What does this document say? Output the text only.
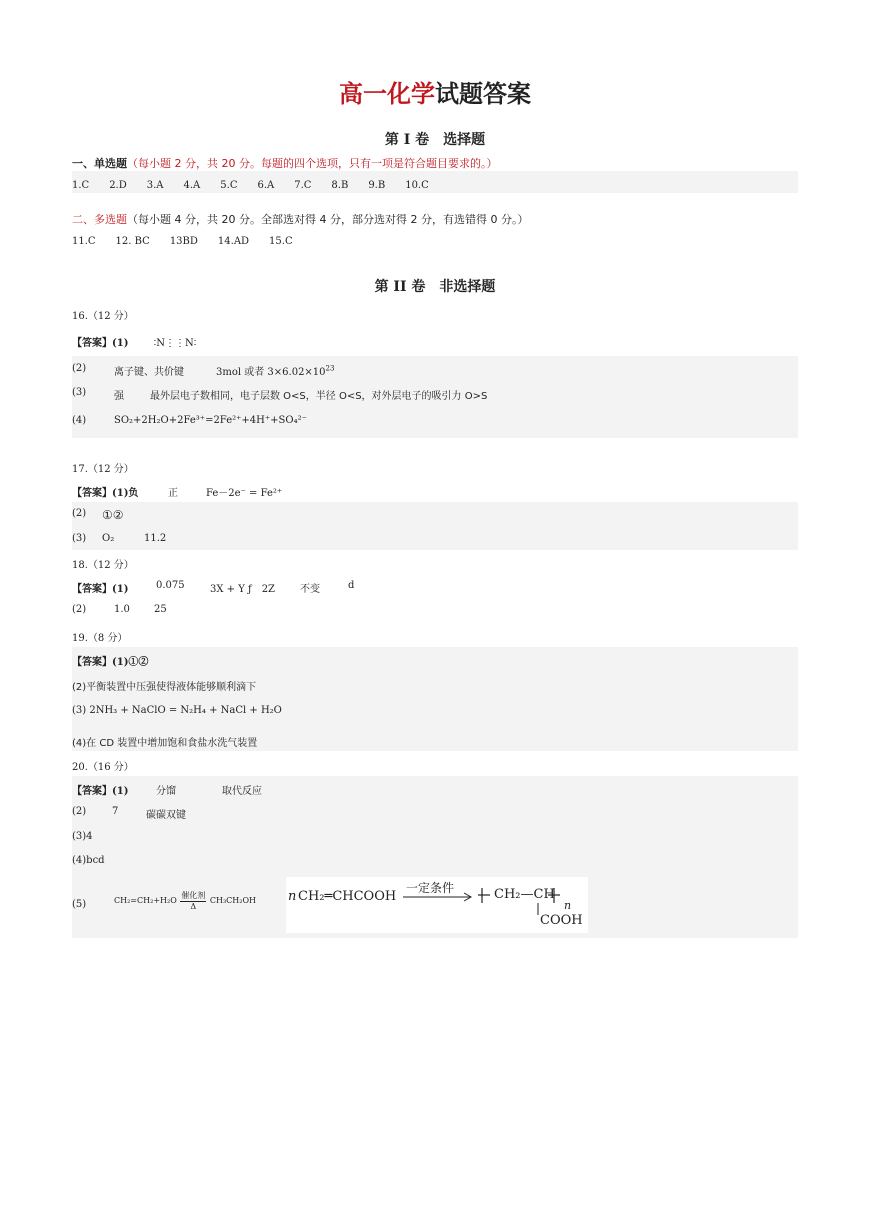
高一化学试题答案
第 I 卷　选择题
一、单选题（每小题 2 分，共 20 分。每题的四个选项，只有一项是符合题目要求的。）
1.C　　2.D　　3.A　　4.A　　5.C　　6.A　　7.C　　8.B　　9.B　　10.C
二、多选题（每小题 4 分，共 20 分。全部选对得 4 分，部分选对得 2 分，有选错得 0 分。）
11.C　　12. BC　　13BD　　14.AD　　15.C
第 II 卷　非选择题
16.（12 分）
【答案】(1)	∶N⋮⋮N∶
(2)	离子键、共价键	3mol 或者 $3\times 6.02\times 10^{23}$
(3)	强	最外层电子数相同，电子层数 O<S，半径 O<S，对外层电子的吸引力 O>S
(4)	SO₂+2H₂O+2Fe³⁺=2Fe²⁺+4H⁺+SO₄²⁻
17.（12 分）
【答案】(1)负	正	Fe－2e⁻ = Fe²⁺
(2) ①②
(3) O₂	11.2
18.（12 分）
【答案】(1)	0.075	3X + Y ƒ　2Z 不变	d
(2)	1.0 25
19.（8 分）
【答案】(1)①②
(2)平衡装置中压强使得液体能够顺利滴下
(3) 2NH₃ + NaClO = N₂H₄ + NaCl + H₂O
(4)在 CD 装置中增加饱和食盐水洗气装置
20.（16 分）
【答案】(1)	分馏	取代反应
(2)	7	碳碳双键
(3)4
(4)bcd
(5)	CH₂=CH₂+H₂O
催化剂
Δ
CH₃CH₂OH n CH₂═CHCOOH
一定条件	CH₂—CH
n
COOH
